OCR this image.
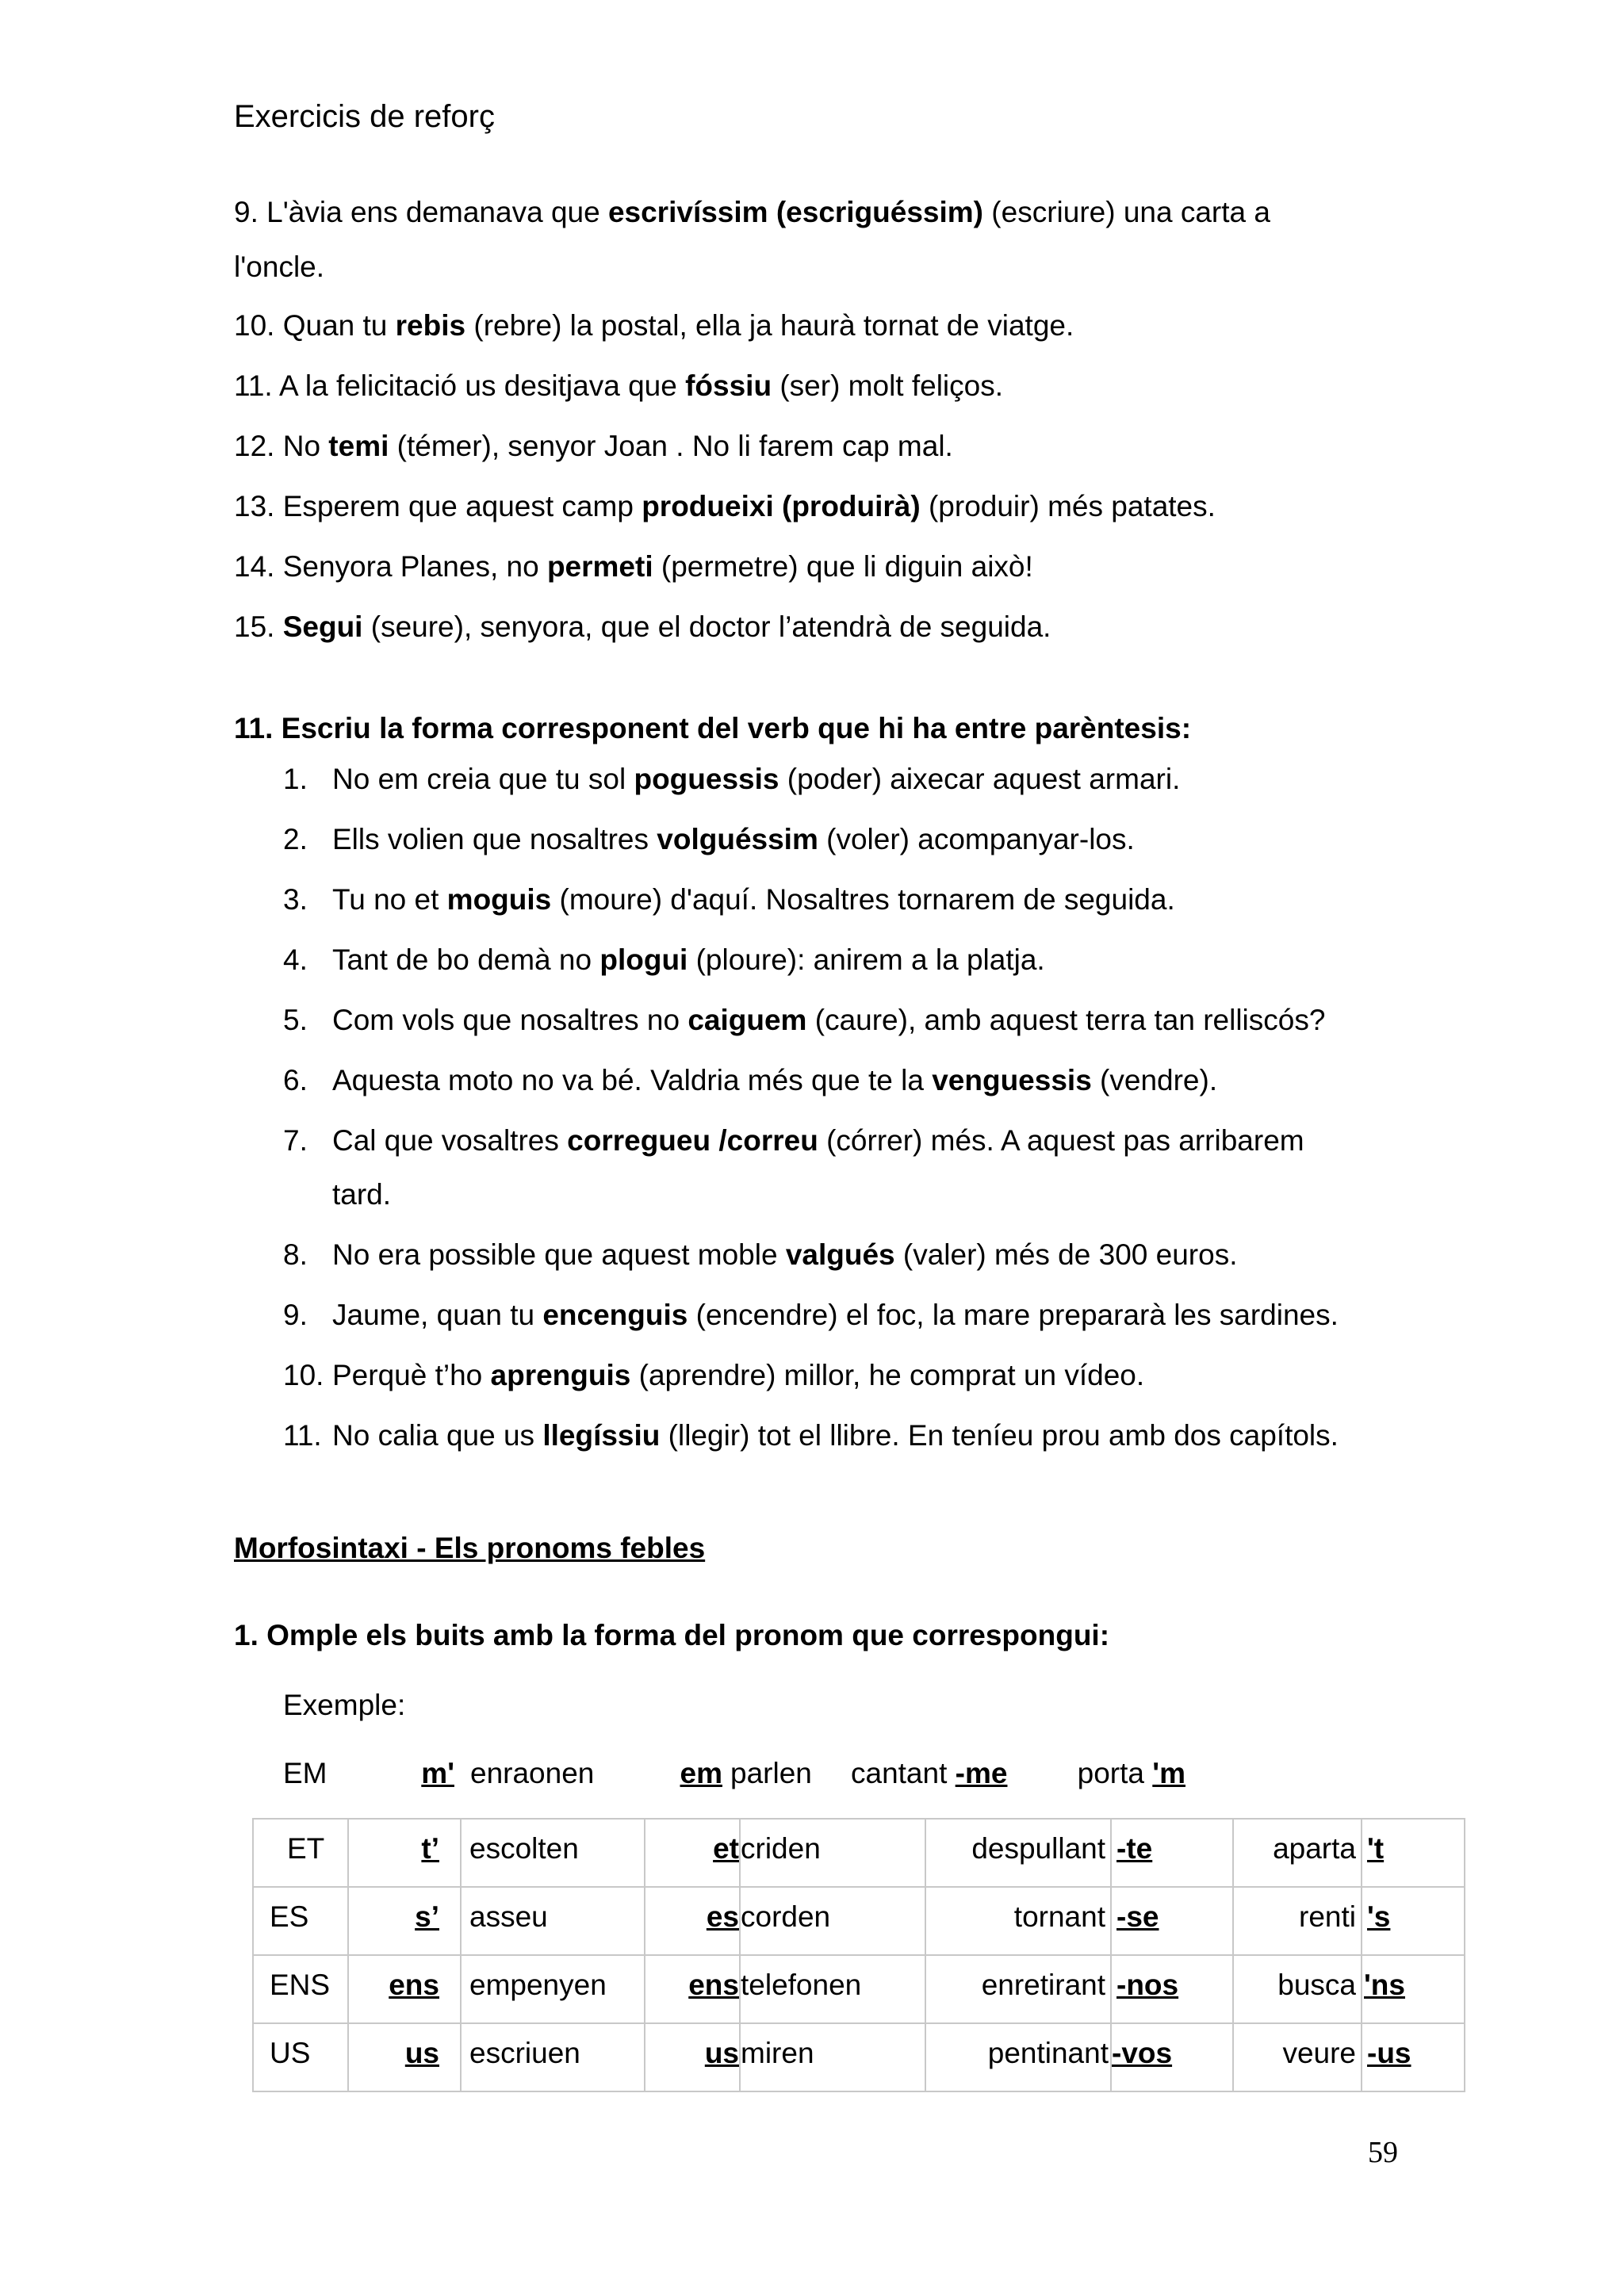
Exercicis de reforç
9. L'àvia ens demanava que escrivíssim (escriguéssim) (escriure) una carta a
l'oncle.
10. Quan tu rebis (rebre) la postal, ella ja haurà tornat de viatge.
11. A la felicitació us desitjava que fóssiu (ser) molt feliços.
12. No temi (témer), senyor Joan . No li farem cap mal.
13. Esperem que aquest camp produeixi (produirà) (produir) més patates.
14. Senyora Planes, no permeti (permetre) que li diguin això!
15. Segui (seure), senyora, que el doctor l’atendrà de seguida.
11. Escriu la forma corresponent del verb que hi ha entre parèntesis:
1. No em creia que tu sol poguessis (poder) aixecar aquest armari.
2. Ells volien que nosaltres volguéssim (voler) acompanyar-los.
3. Tu no et moguis (moure) d'aquí. Nosaltres tornarem de seguida.
4. Tant de bo demà no plogui (ploure): anirem a la platja.
5. Com vols que nosaltres no caiguem (caure), amb aquest terra tan relliscós?
6. Aquesta moto no va bé. Valdria més que te la venguessis (vendre).
7. Cal que vosaltres corregueu /correu (córrer) més. A aquest pas arribarem
tard.
8. No era possible que aquest moble valgués (valer) més de 300 euros.
9. Jaume, quan tu encenguis (encendre) el foc, la mare prepararà les sardines.
10. Perquè t’ho aprenguis (aprendre) millor, he comprat un vídeo.
11. No calia que us llegíssiu (llegir) tot el llibre. En teníeu prou amb dos capítols.
Morfosintaxi - Els pronoms febles
1. Omple els buits amb la forma del pronom que correspongui:
Exemple:
EM	m' enraonen	em parlen cantant -me porta 'm
ET	t’	escolten	et	criden	despullant	-te	aparta	't

ES	s’	asseu	es	corden	tornant	-se	renti	's

ENS	ens	empenyen	ens	telefonen	enretirant	-nos	busca	'ns

US	us	escriuen	us	miren	pentinant	-vos	veure	-us
59
